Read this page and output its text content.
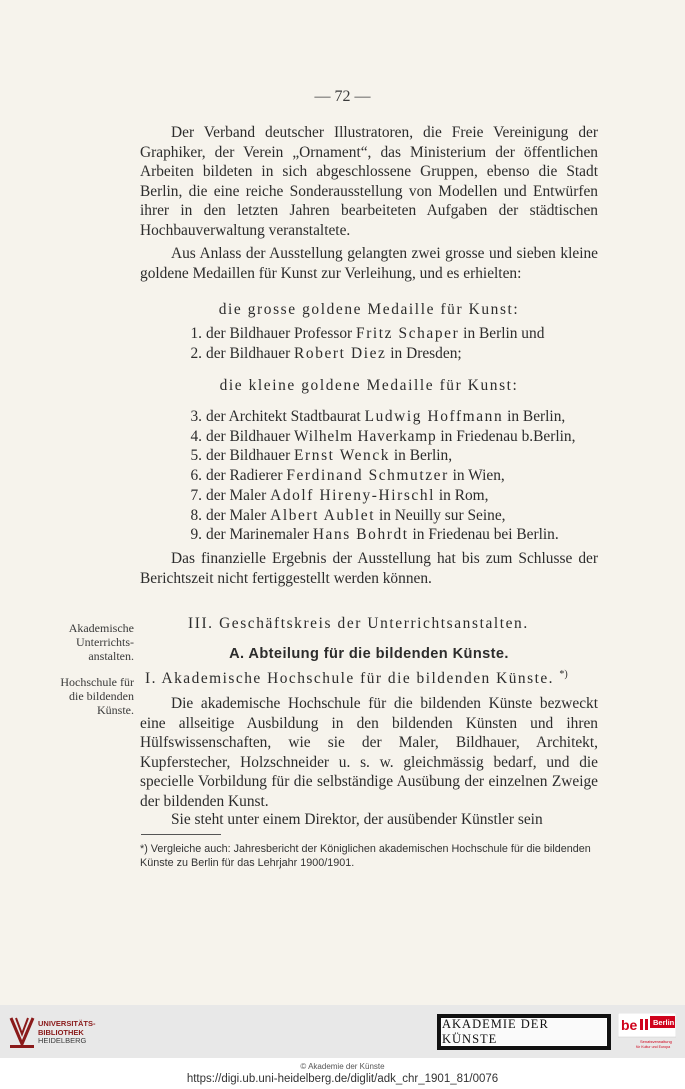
— 72 —

Der Verband deutscher Illustratoren, die Freie Vereinigung der Graphiker, der Verein „Ornament“, das Ministerium der öffentlichen Arbeiten bildeten in sich abgeschlossene Gruppen, ebenso die Stadt Berlin, die eine reiche Sonderausstellung von Modellen und Entwürfen ihrer in den letzten Jahren bearbeiteten Aufgaben der städtischen Hochbauverwaltung veranstaltete.

Aus Anlass der Ausstellung gelangten zwei grosse und sieben kleine goldene Medaillen für Kunst zur Verleihung, und es erhielten:

die grosse goldene Medaille für Kunst:

1. der Bildhauer Professor Fritz Schaper in Berlin und

2. der Bildhauer Robert Diez in Dresden;

die kleine goldene Medaille für Kunst:

3. der Architekt Stadtbaurat Ludwig Hoffmann in Berlin,

4. der Bildhauer Wilhelm Haverkamp in Friedenau b.Berlin,

5. der Bildhauer Ernst Wenck in Berlin,

6. der Radierer Ferdinand Schmutzer in Wien,

7. der Maler Adolf Hireny-Hirschl in Rom,

8. der Maler Albert Aublet in Neuilly sur Seine,

9. der Marinemaler Hans Bohrdt in Friedenau bei Berlin.

Das finanzielle Ergebnis der Ausstellung hat bis zum Schlusse der Berichtszeit nicht fertiggestellt werden können.

Akademische
Unterrichts-
anstalten.
III. Geschäftskreis der Unterrichtsanstalten.
A. Abteilung für die bildenden Künste.
Hochschule für
die bildenden
Künste.
I. Akademische Hochschule für die bildenden Künste. *)

Die akademische Hochschule für die bildenden Künste bezweckt eine allseitige Ausbildung in den bildenden Künsten und ihren Hülfswissenschaften, wie sie der Maler, Bildhauer, Architekt, Kupferstecher, Holzschneider u. s. w. gleichmässig bedarf, und die specielle Vorbildung für die selbständige Ausübung der einzelnen Zweige der bildenden Kunst.

Sie steht unter einem Direktor, der ausübender Künstler sein

*) Vergleiche auch: Jahresbericht der Königlichen akademischen Hochschule für die bildenden Künste zu Berlin für das Lehrjahr 1900/1901.
UNIVERSITÄTS-
BIBLIOTHEK
HEIDELBERG
AKADEMIE DER KÜNSTE
be Berlin
Senatsverwaltung
für Kultur und Europa
© Akademie der Künste
https://digi.ub.uni-heidelberg.de/diglit/adk_chr_1901_81/0076
